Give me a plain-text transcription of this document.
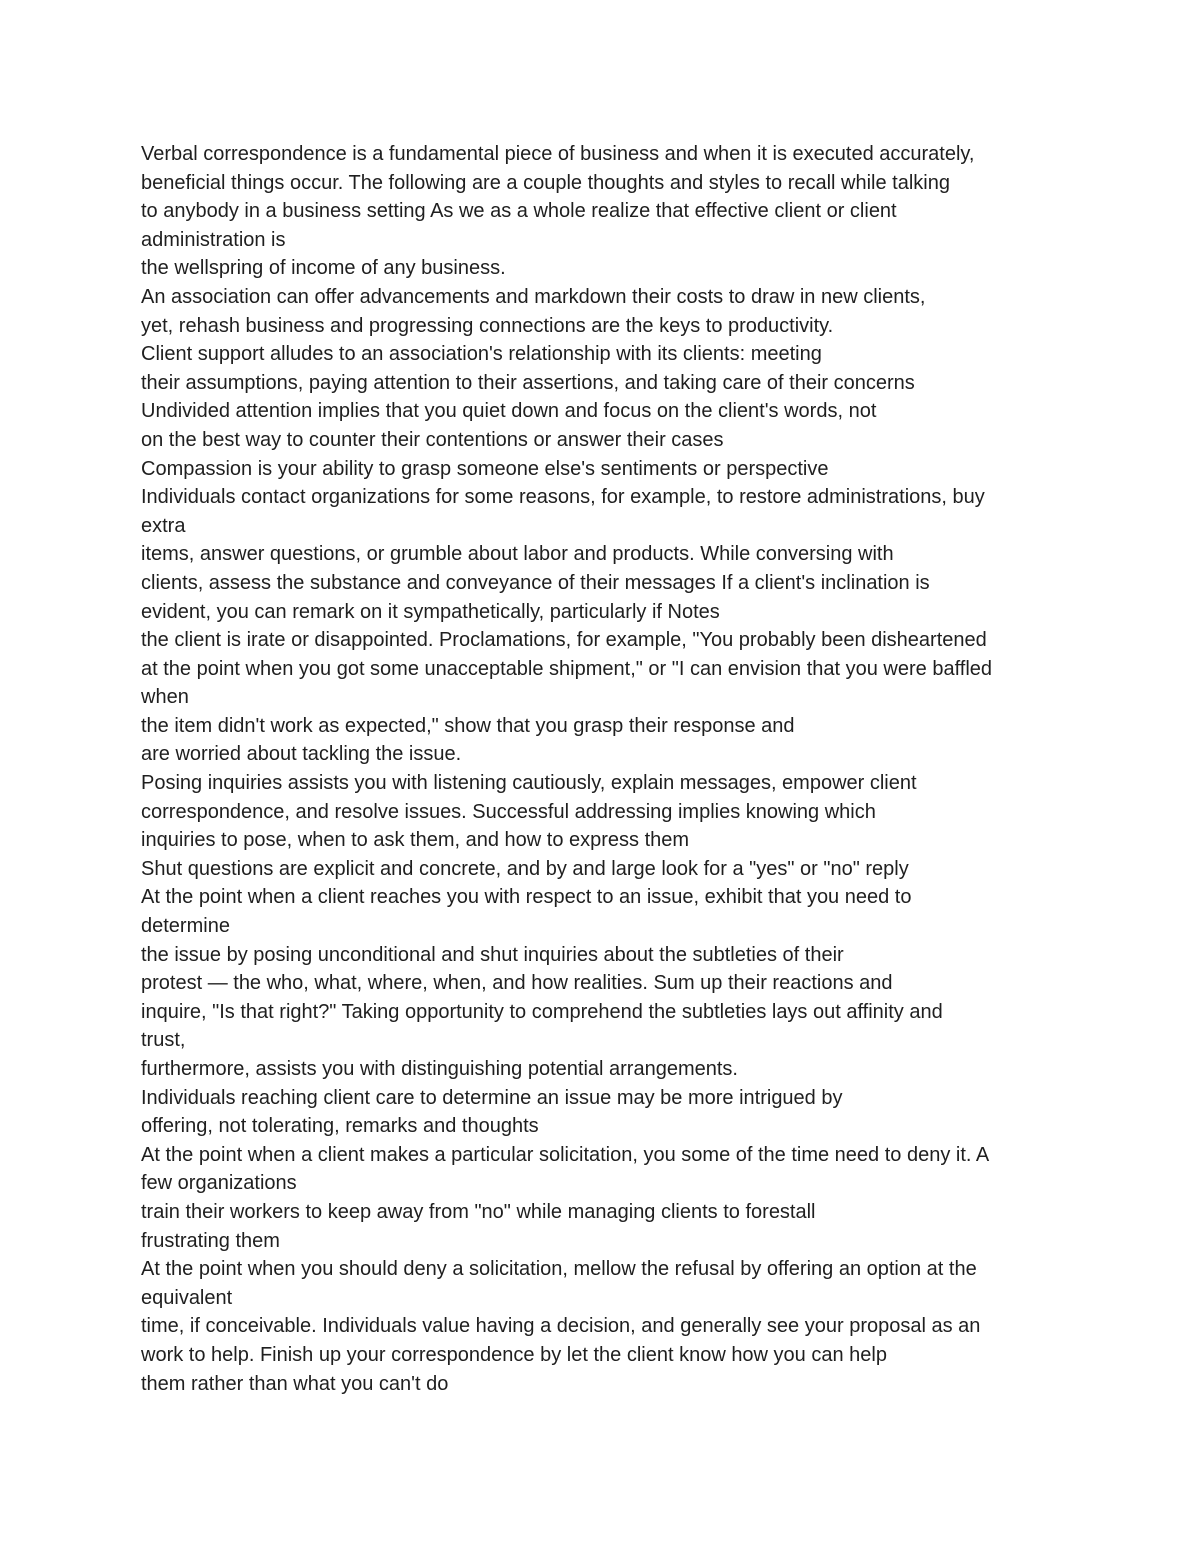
Verbal correspondence is a fundamental piece of business and when it is executed accurately,
beneficial things occur. The following are a couple thoughts and styles to recall while talking
to anybody in a business setting As we as a whole realize that effective client or client
administration is
the wellspring of income of any business.
An association can offer advancements and markdown their costs to draw in new clients,
yet, rehash business and progressing connections are the keys to productivity.
Client support alludes to an association's relationship with its clients: meeting
their assumptions, paying attention to their assertions, and taking care of their concerns
Undivided attention implies that you quiet down and focus on the client's words, not
on the best way to counter their contentions or answer their cases
Compassion is your ability to grasp someone else's sentiments or perspective
Individuals contact organizations for some reasons, for example, to restore administrations, buy
extra
items, answer questions, or grumble about labor and products. While conversing with
clients, assess the substance and conveyance of their messages If a client's inclination is
evident, you can remark on it sympathetically, particularly if Notes
the client is irate or disappointed. Proclamations, for example, "You probably been disheartened
at the point when you got some unacceptable shipment," or "I can envision that you were baffled
when
the item didn't work as expected," show that you grasp their response and
are worried about tackling the issue.
Posing inquiries assists you with listening cautiously, explain messages, empower client
correspondence, and resolve issues. Successful addressing implies knowing which
inquiries to pose, when to ask them, and how to express them
Shut questions are explicit and concrete, and by and large look for a "yes" or "no" reply
At the point when a client reaches you with respect to an issue, exhibit that you need to
determine
the issue by posing unconditional and shut inquiries about the subtleties of their
protest — the who, what, where, when, and how realities. Sum up their reactions and
inquire, "Is that right?" Taking opportunity to comprehend the subtleties lays out affinity and
trust,
furthermore, assists you with distinguishing potential arrangements.
Individuals reaching client care to determine an issue may be more intrigued by
offering, not tolerating, remarks and thoughts
At the point when a client makes a particular solicitation, you some of the time need to deny it. A
few organizations
train their workers to keep away from "no" while managing clients to forestall
frustrating them
At the point when you should deny a solicitation, mellow the refusal by offering an option at the
equivalent
time, if conceivable. Individuals value having a decision, and generally see your proposal as an
work to help. Finish up your correspondence by let the client know how you can help
them rather than what you can't do
